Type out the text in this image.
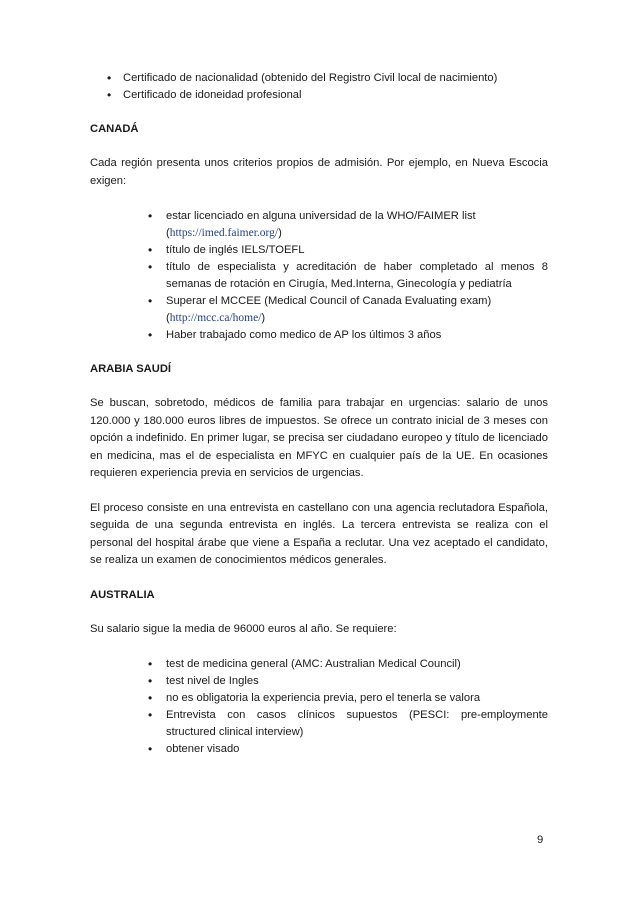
• Certificado de nacionalidad (obtenido del Registro Civil local de nacimiento)
• Certificado de idoneidad profesional
CANADÁ

Cada región presenta unos criterios propios de admisión. Por ejemplo, en Nueva Escocia exigen:

• estar licenciado en alguna universidad de la WHO/FAIMER list
(https://imed.faimer.org/)
• título de inglés IELS/TOEFL
• título de especialista y acreditación de haber completado al menos 8 semanas de rotación en Cirugía, Med.Interna, Ginecología y pediatría
• Superar el MCCEE (Medical Council of Canada Evaluating exam)
(http://mcc.ca/home/)
• Haber trabajado como medico de AP los últimos 3 años
ARABIA SAUDÍ

Se buscan, sobretodo, médicos de familia para trabajar en urgencias: salario de unos 120.000 y 180.000 euros libres de impuestos. Se ofrece un contrato inicial de 3 meses con opción a indefinido. En primer lugar, se precisa ser ciudadano europeo y título de licenciado en medicina, mas el de especialista en MFYC en cualquier país de la UE. En ocasiones requieren experiencia previa en servicios de urgencias.

El proceso consiste en una entrevista en castellano con una agencia reclutadora Española, seguida de una segunda entrevista en inglés. La tercera entrevista se realiza con el personal del hospital árabe que viene a España a reclutar. Una vez aceptado el candidato, se realiza un examen de conocimientos médicos generales.

AUSTRALIA

Su salario sigue la media de 96000 euros al año. Se requiere:

• test de medicina general (AMC: Australian Medical Council)
• test nivel de Ingles
• no es obligatoria la experiencia previa, pero el tenerla se valora
• Entrevista con casos clínicos supuestos (PESCI: pre-employmente structured clinical interview)
• obtener visado
9
